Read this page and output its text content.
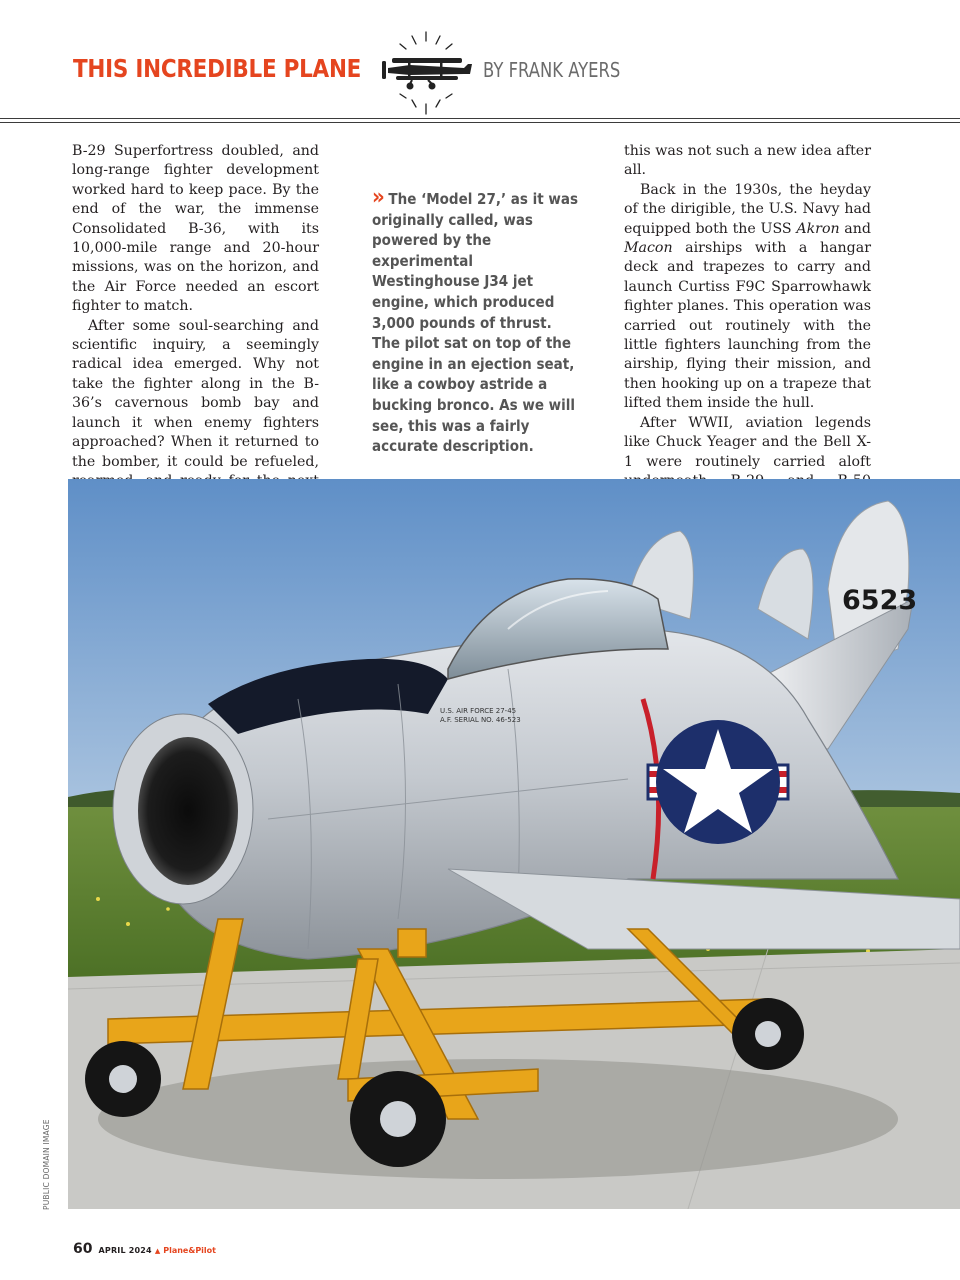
THIS INCREDIBLE PLANE	BY FRANK AYERS

B-29 Superfortress doubled, and long-range fighter development worked hard to keep pace. By the end of the war, the immense Consolidated B-36, with its 10,000-mile range and 20-hour missions, was on the horizon, and the Air Force needed an escort fighter to match.

After some soul-searching and scientific inquiry, a seemingly radical idea emerged. Why not take the fighter along in the B-36’s cavernous bomb bay and launch it when enemy fighters approached? When it returned to the bomber, it could be refueled,

» The ‘Model 27,’ as it was originally called, was powered by the experimental Westinghouse J34 jet engine, which produced 3,000 pounds of thrust. The pilot sat on top of the engine in an ejection seat, like a cowboy astride a bucking bronco. As we will see, this was a fairly accurate description.

this was not such a new idea after all.

Back in the 1930s, the heyday of the dirigible, the U.S. Navy had equipped both the USS Akron and Macon airships with a hangar deck and trapezes to carry and launch Curtiss F9C Sparrowhawk fighter planes. This operation was carried out routinely with the little fighters launching from the airship, flying their mission, and then hooking up on a trapeze that lifted them inside the hull.

After WWII, aviation legends like Chuck Yeager and the Bell X-1 were routinely carried aloft

6523
U.S. AIR FORCE 27-45
A.F. SERIAL NO. 46-523
PUBLIC DOMAIN IMAGE
60 APRIL 2024 ▲ Plane&Pilot
